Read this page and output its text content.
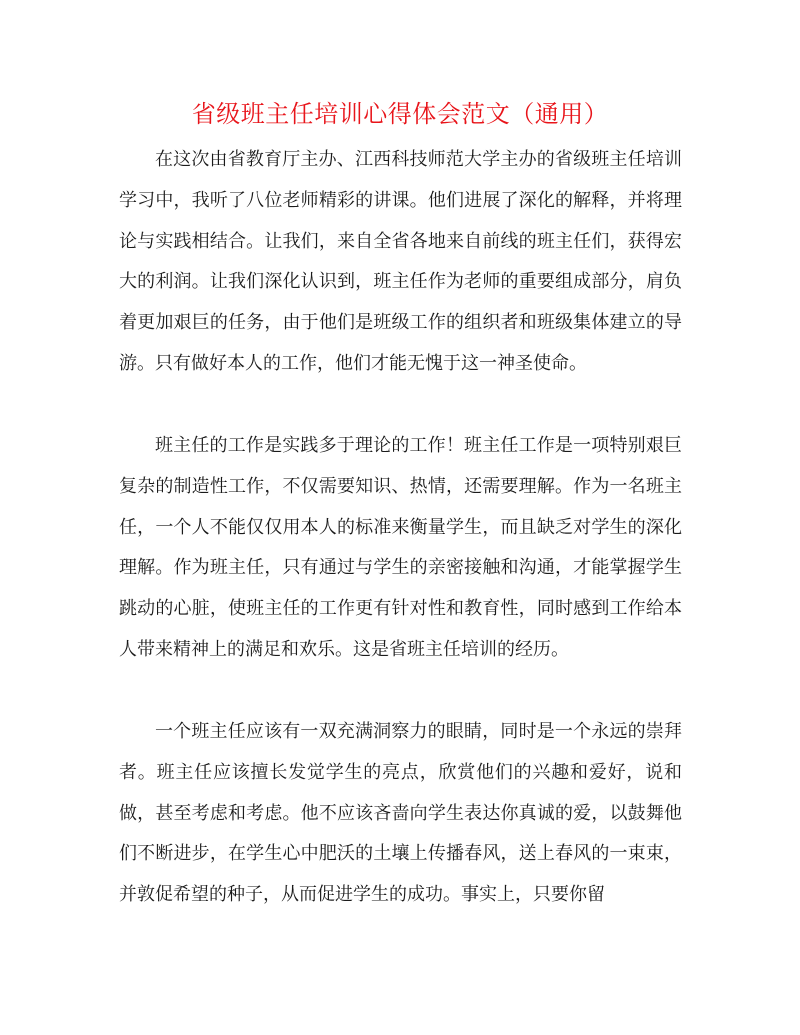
省级班主任培训心得体会范文（通用）

在这次由省教育厅主办、江西科技师范大学主办的省级班主任培训学习中，我听了八位老师精彩的讲课。他们进展了深化的解释，并将理论与实践相结合。让我们，来自全省各地来自前线的班主任们，获得宏大的利润。让我们深化认识到，班主任作为老师的重要组成部分，肩负着更加艰巨的任务，由于他们是班级工作的组织者和班级集体建立的导游。只有做好本人的工作，他们才能无愧于这一神圣使命。

班主任的工作是实践多于理论的工作！班主任工作是一项特别艰巨复杂的制造性工作，不仅需要知识、热情，还需要理解。作为一名班主任，一个人不能仅仅用本人的标准来衡量学生，而且缺乏对学生的深化理解。作为班主任，只有通过与学生的亲密接触和沟通，才能掌握学生跳动的心脏，使班主任的工作更有针对性和教育性，同时感到工作给本人带来精神上的满足和欢乐。这是省班主任培训的经历。

一个班主任应该有一双充满洞察力的眼睛，同时是一个永远的崇拜者。班主任应该擅长发觉学生的亮点，欣赏他们的兴趣和爱好，说和做，甚至考虑和考虑。他不应该吝啬向学生表达你真诚的爱，以鼓舞他们不断进步，在学生心中肥沃的土壤上传播春风，送上春风的一束束，并敦促希望的种子，从而促进学生的成功。事实上，只要你留
